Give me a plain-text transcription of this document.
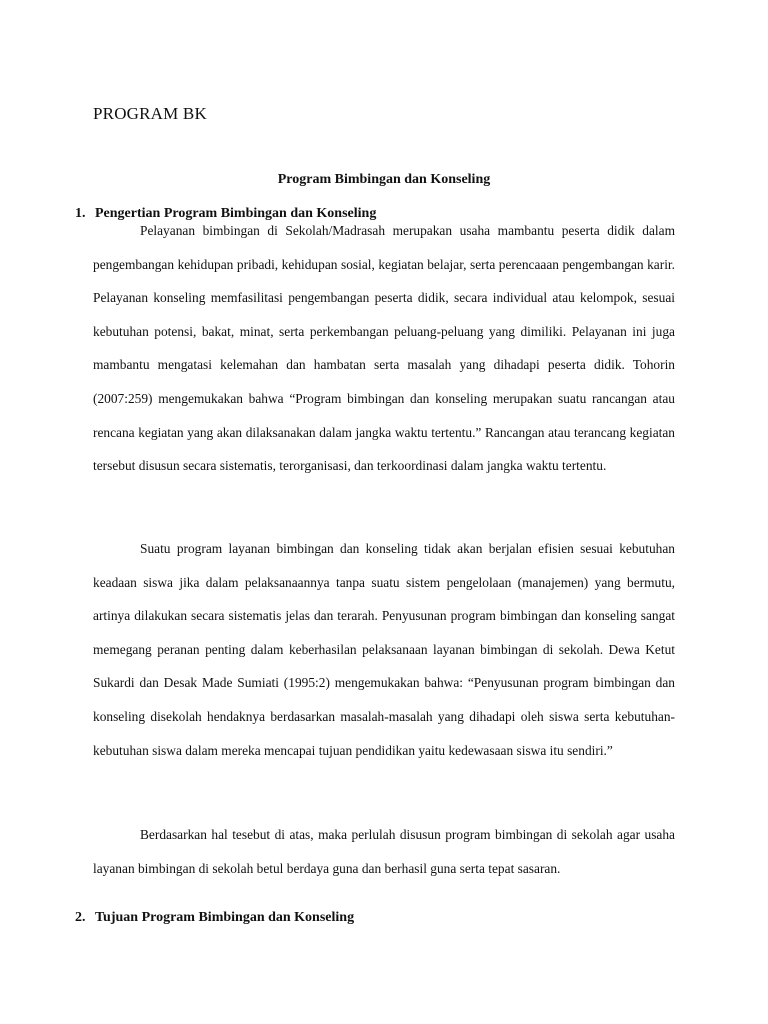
PROGRAM BK
Program Bimbingan dan Konseling
1. Pengertian Program Bimbingan dan Konseling

Pelayanan bimbingan di Sekolah/Madrasah merupakan usaha mambantu peserta didik dalam pengembangan kehidupan pribadi, kehidupan sosial, kegiatan belajar, serta perencaaan pengembangan karir. Pelayanan konseling memfasilitasi pengembangan peserta didik, secara individual atau kelompok, sesuai kebutuhan potensi, bakat, minat, serta perkembangan peluang-peluang yang dimiliki. Pelayanan ini juga mambantu mengatasi kelemahan dan hambatan serta masalah yang dihadapi peserta didik. Tohorin (2007:259) mengemukakan bahwa “Program bimbingan dan konseling merupakan suatu rancangan atau rencana kegiatan yang akan dilaksanakan dalam jangka waktu tertentu.” Rancangan atau terancang kegiatan tersebut disusun secara sistematis, terorganisasi, dan terkoordinasi dalam jangka waktu tertentu.

Suatu program layanan bimbingan dan konseling tidak akan berjalan efisien sesuai kebutuhan keadaan siswa jika dalam pelaksanaannya tanpa suatu sistem pengelolaan (manajemen) yang bermutu, artinya dilakukan secara sistematis jelas dan terarah. Penyusunan program bimbingan dan konseling sangat memegang peranan penting dalam keberhasilan pelaksanaan layanan bimbingan di sekolah. Dewa Ketut Sukardi dan Desak Made Sumiati (1995:2) mengemukakan bahwa: “Penyusunan program bimbingan dan konseling disekolah hendaknya berdasarkan masalah-masalah yang dihadapi oleh siswa serta kebutuhan-kebutuhan siswa dalam mereka mencapai tujuan pendidikan yaitu kedewasaan siswa itu sendiri.”

Berdasarkan hal tesebut di atas, maka perlulah disusun program bimbingan di sekolah agar usaha layanan bimbingan di sekolah betul berdaya guna dan berhasil guna serta tepat sasaran.

2. Tujuan Program Bimbingan dan Konseling
